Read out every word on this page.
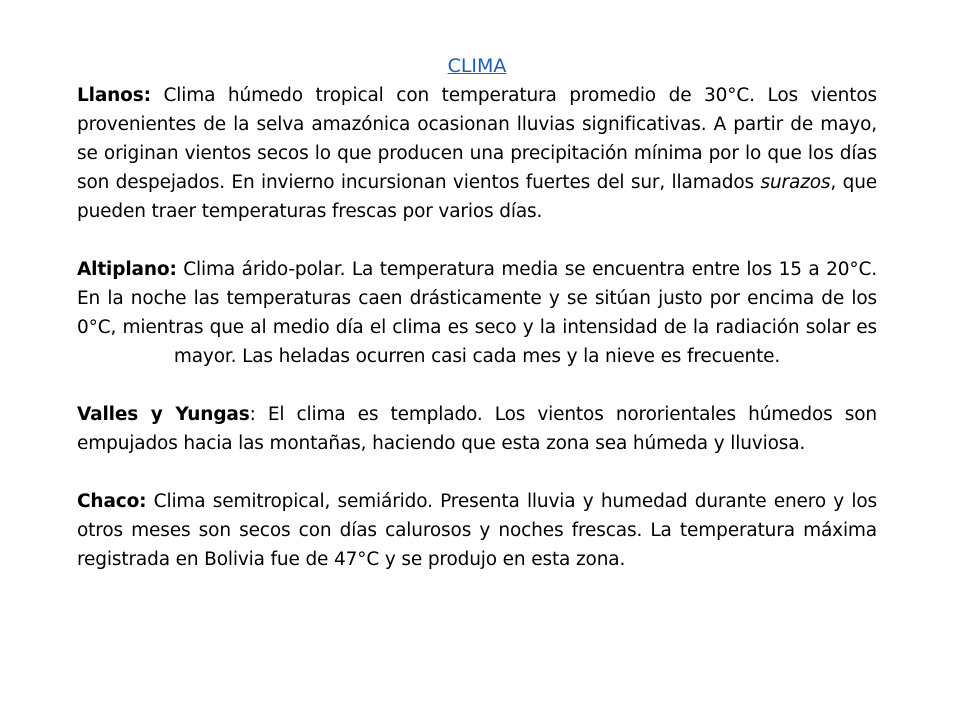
CLIMA

Llanos: Clima húmedo tropical con temperatura promedio de 30°C. Los vientos provenientes de la selva amazónica ocasionan lluvias significativas. A partir de mayo, se originan vientos secos lo que producen una precipitación mínima por lo que los días son despejados. En invierno incursionan vientos fuertes del sur, llamados surazos, que pueden traer temperaturas frescas por varios días.

Altiplano: Clima árido-polar. La temperatura media se encuentra entre los 15 a 20°C. En la noche las temperaturas caen drásticamente y se sitúan justo por encima de los 0°C, mientras que al medio día el clima es seco y la intensidad de la radiación solar es mayor. Las heladas ocurren casi cada mes y la nieve es frecuente.

Valles y Yungas: El clima es templado. Los vientos nororientales húmedos son empujados hacia las montañas, haciendo que esta zona sea húmeda y lluviosa.

Chaco: Clima semitropical, semiárido. Presenta lluvia y humedad durante enero y los otros meses son secos con días calurosos y noches frescas. La temperatura máxima registrada en Bolivia fue de 47°C y se produjo en esta zona.
